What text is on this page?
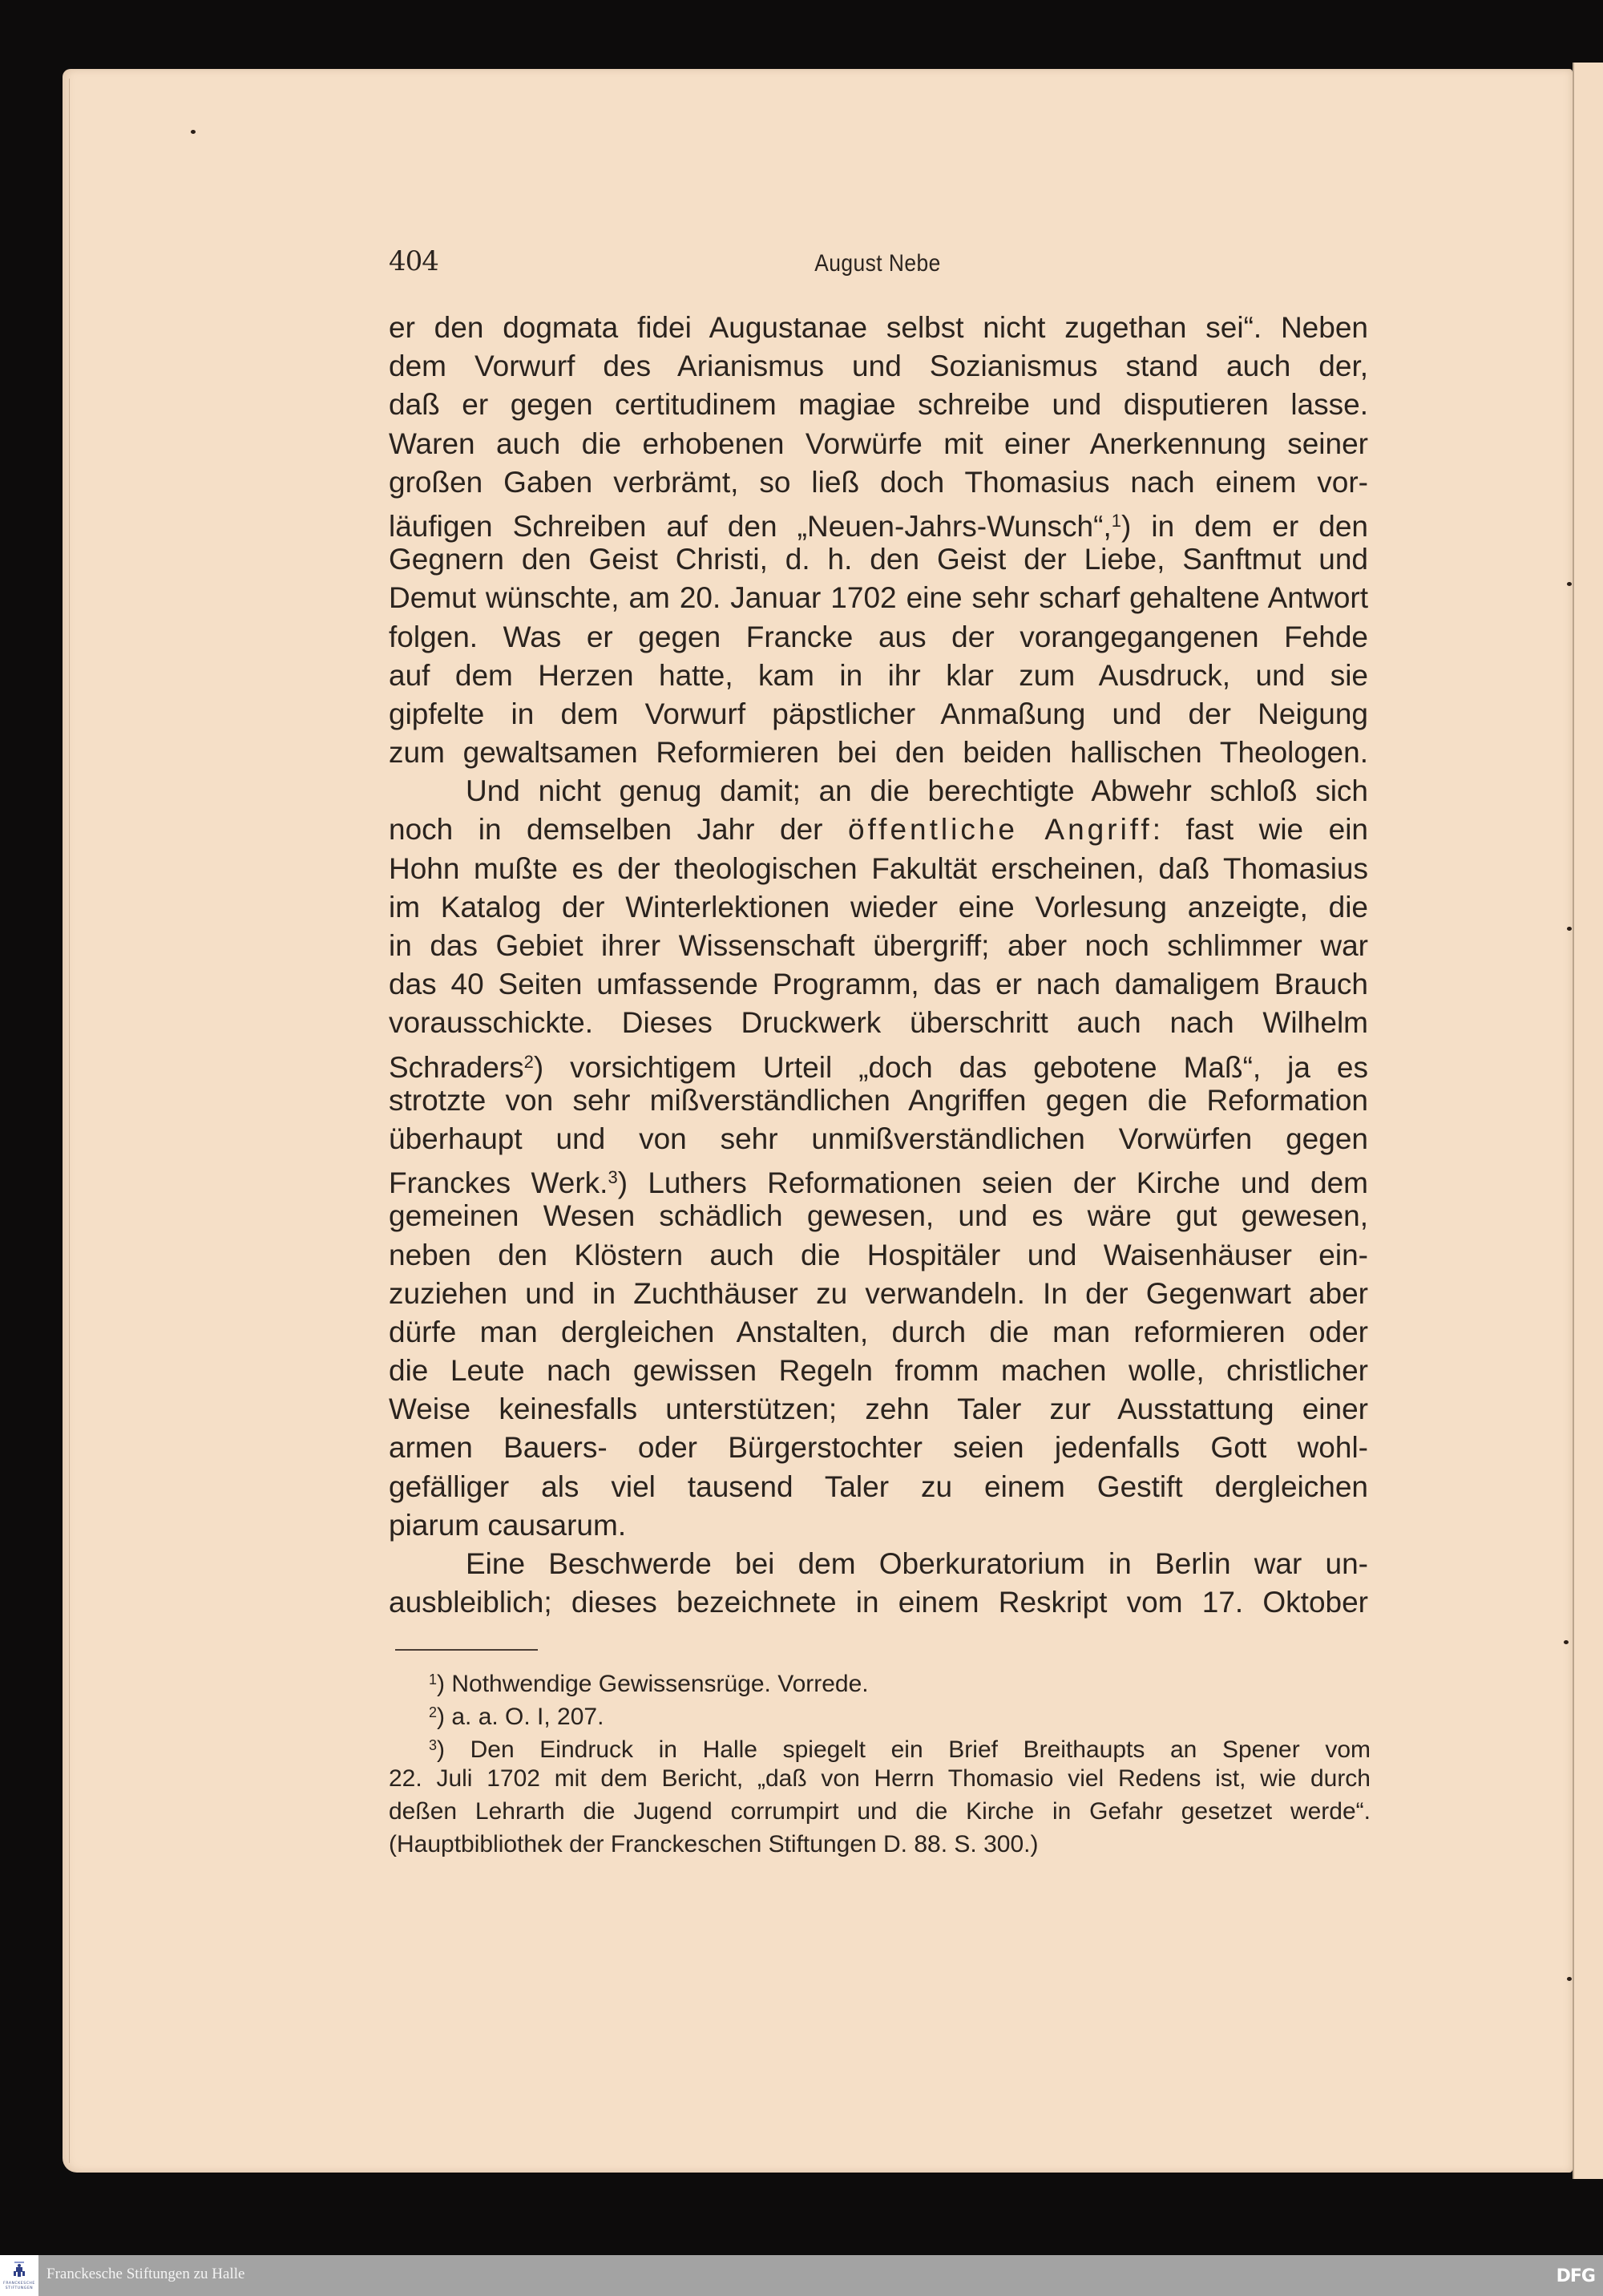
404	August Nebe
er den dogmata fidei Augustanae selbst nicht zugethan sei“. Neben
dem Vorwurf des Arianismus und Sozianismus stand auch der,
daß er gegen certitudinem magiae schreibe und disputieren lasse.
Waren auch die erhobenen Vorwürfe mit einer Anerkennung seiner
großen Gaben verbrämt, so ließ doch Thomasius nach einem vor-
läufigen Schreiben auf den „Neuen-Jahrs-Wunsch“,$^1$) in dem er den
Gegnern den Geist Christi, d. h. den Geist der Liebe, Sanftmut und
Demut wünschte, am 20. Januar 1702 eine sehr scharf gehaltene Antwort
folgen. Was er gegen Francke aus der vorangegangenen Fehde
auf dem Herzen hatte, kam in ihr klar zum Ausdruck, und sie
gipfelte in dem Vorwurf päpstlicher Anmaßung und der Neigung
zum gewaltsamen Reformieren bei den beiden hallischen Theologen.
Und nicht genug damit; an die berechtigte Abwehr schloß sich
noch in demselben Jahr der öffentliche Angriff: fast wie ein
Hohn mußte es der theologischen Fakultät erscheinen, daß Thomasius
im Katalog der Winterlektionen wieder eine Vorlesung anzeigte, die
in das Gebiet ihrer Wissenschaft übergriff; aber noch schlimmer war
das 40 Seiten umfassende Programm, das er nach damaligem Brauch
vorausschickte. Dieses Druckwerk überschritt auch nach Wilhelm
Schraders$^2$) vorsichtigem Urteil „doch das gebotene Maß“, ja es
strotzte von sehr mißverständlichen Angriffen gegen die Reformation
überhaupt und von sehr unmißverständlichen Vorwürfen gegen
Franckes Werk.$^3$) Luthers Reformationen seien der Kirche und dem
gemeinen Wesen schädlich gewesen, und es wäre gut gewesen,
neben den Klöstern auch die Hospitäler und Waisenhäuser ein-
zuziehen und in Zuchthäuser zu verwandeln. In der Gegenwart aber
dürfe man dergleichen Anstalten, durch die man reformieren oder
die Leute nach gewissen Regeln fromm machen wolle, christlicher
Weise keinesfalls unterstützen; zehn Taler zur Ausstattung einer
armen Bauers- oder Bürgerstochter seien jedenfalls Gott wohl-
gefälliger als viel tausend Taler zu einem Gestift dergleichen
piarum causarum.
Eine Beschwerde bei dem Oberkuratorium in Berlin war un-
ausbleiblich; dieses bezeichnete in einem Reskript vom 17. Oktober
$^1$) Nothwendige Gewissensrüge. Vorrede.
$^2$) a. a. O. I, 207.
$^3$) Den Eindruck in Halle spiegelt ein Brief Breithaupts an Spener vom
22. Juli 1702 mit dem Bericht, „daß von Herrn Thomasio viel Redens ist, wie durch
deßen Lehrarth die Jugend corrumpirt und die Kirche in Gefahr gesetzet werde“.
(Hauptbibliothek der Franckeschen Stiftungen D. 88. S. 300.)
FRANCKESCHE
STIFTUNGEN
Franckesche Stiftungen zu Halle	DFG
